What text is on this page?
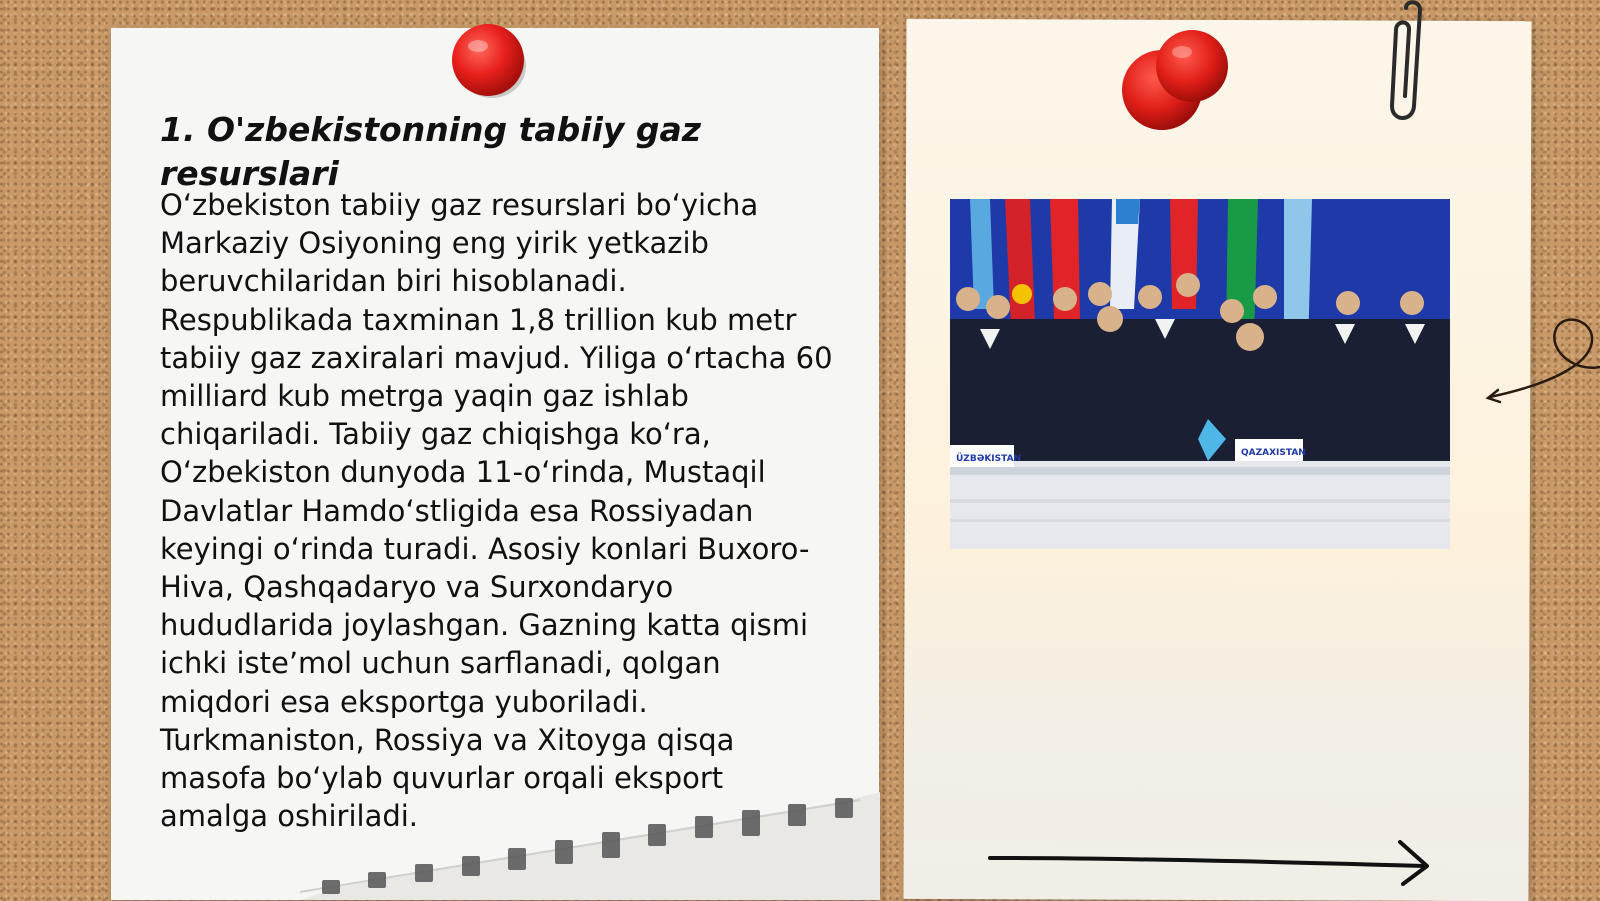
1. O'zbekistonning tabiiy gaz resurslari

O‘zbekiston tabiiy gaz resurslari bo‘yicha
Markaziy Osiyoning eng yirik yetkazib
beruvchilaridan biri hisoblanadi.
Respublikada taxminan 1,8 trillion kub metr
tabiiy gaz zaxiralari mavjud. Yiliga o‘rtacha 60
milliard kub metrga yaqin gaz ishlab
chiqariladi. Tabiiy gaz chiqishga ko‘ra,
O‘zbekiston dunyoda 11-o‘rinda, Mustaqil
Davlatlar Hamdo‘stligida esa Rossiyadan
keyingi o‘rinda turadi. Asosiy konlari Buxoro-
Hiva, Qashqadaryo va Surxondaryo
hududlarida joylashgan. Gazning katta qismi
ichki iste’mol uchun sarflanadi, qolgan
miqdori esa eksportga yuboriladi.
Turkmaniston, Rossiya va Xitoyga qisqa
masofa bo‘ylab quvurlar orqali eksport
amalga oshiriladi.

ÜZBƏKISTAN
QAZAXISTAN
